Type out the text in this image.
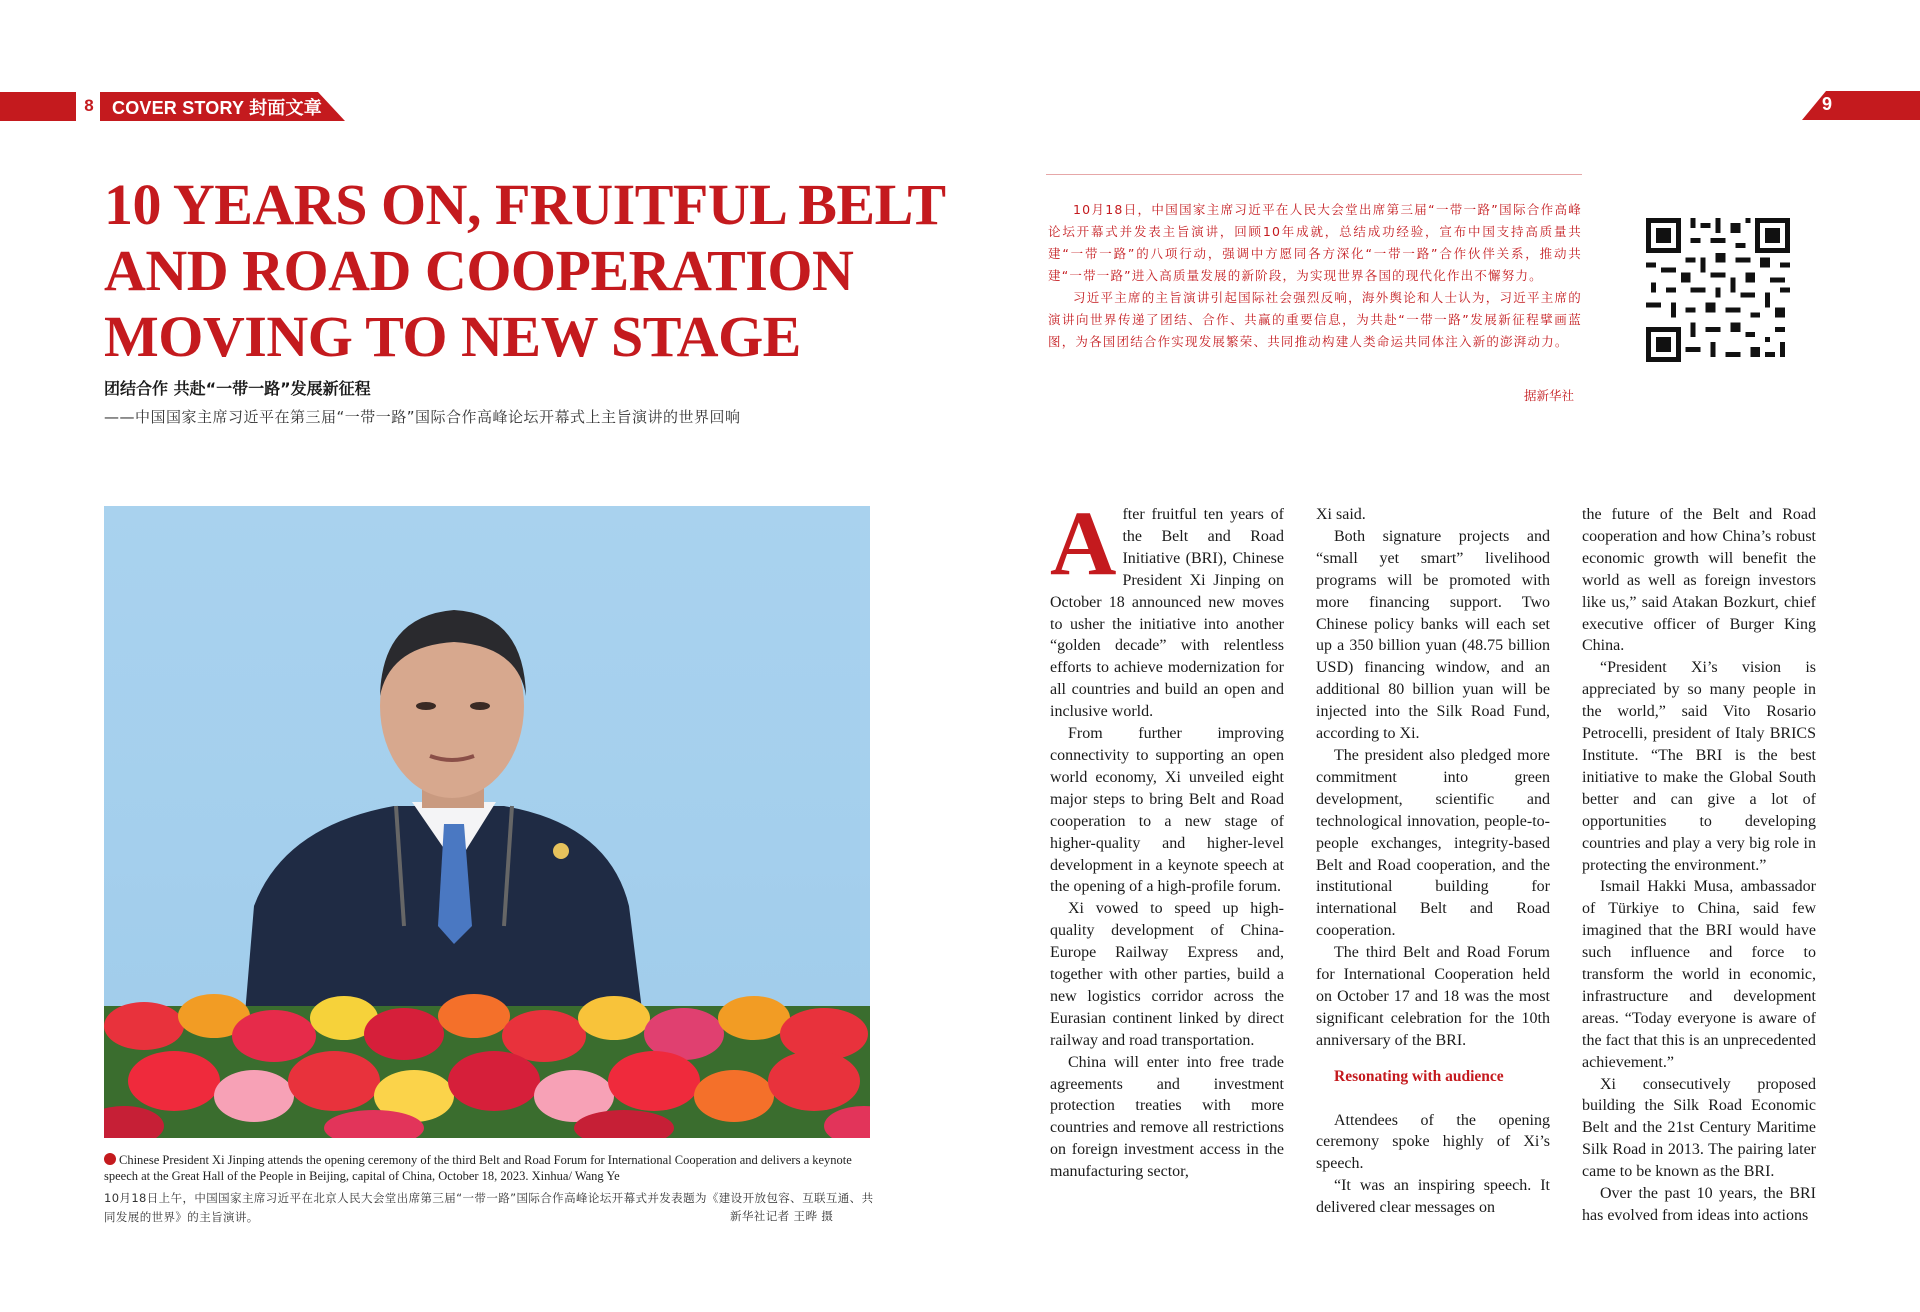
8 COVER STORY 封面文章	9
10 YEARS ON, FRUITFUL BELT
AND ROAD COOPERATION
MOVING TO NEW STAGE
团结合作 共赴“一带一路”发展新征程
——中国国家主席习近平在第三届“一带一路”国际合作高峰论坛开幕式上主旨演讲的世界回响
Chinese President Xi Jinping attends the opening ceremony of the third Belt and Road Forum for International Cooperation and delivers a keynote speech at the Great Hall of the People in Beijing, capital of China, October 18, 2023. Xinhua/ Wang Ye
10月18日上午，中国国家主席习近平在北京人民大会堂出席第三届“一带一路”国际合作高峰论坛开幕式并发表题为《建设开放包容、互联互通、共同发展的世界》的主旨演讲。	新华社记者 王晔 摄

10月18日，中国国家主席习近平在人民大会堂出席第三届“一带一路”国际合作高峰论坛开幕式并发表主旨演讲，回顾10年成就，总结成功经验，宣布中国支持高质量共建“一带一路”的八项行动，强调中方愿同各方深化“一带一路”合作伙伴关系，推动共建“一带一路”进入高质量发展的新阶段，为实现世界各国的现代化作出不懈努力。

习近平主席的主旨演讲引起国际社会强烈反响，海外舆论和人士认为，习近平主席的演讲向世界传递了团结、合作、共赢的重要信息，为共赴“一带一路”发展新征程擘画蓝图，为各国团结合作实现发展繁荣、共同推动构建人类命运共同体注入新的澎湃动力。

据新华社
A fter fruitful ten years of the Belt and Road Initiative (BRI), Chinese President Xi Jinping on October 18 announced new moves to usher the initiative into another “golden decade” with relentless efforts to achieve modernization for all countries and build an open and inclusive world.

From further improving connectivity to supporting an open world economy, Xi unveiled eight major steps to bring Belt and Road cooperation to a new stage of higher-quality and higher-level development in a keynote speech at the opening of a high-profile forum.

Xi vowed to speed up high-quality development of China-Europe Railway Express and, together with other parties, build a new logistics corridor across the Eurasian continent linked by direct railway and road transportation.

China will enter into free trade agreements and investment protection treaties with more countries and remove all restrictions on foreign investment access in the manufacturing sector,

Xi said.

Both signature projects and “small yet smart” livelihood programs will be promoted with more financing support. Two Chinese policy banks will each set up a 350 billion yuan (48.75 billion USD) financing window, and an additional 80 billion yuan will be injected into the Silk Road Fund, according to Xi.

The president also pledged more commitment into green development, scientific and technological innovation, people-to-people exchanges, integrity-based Belt and Road cooperation, and the institutional building for international Belt and Road cooperation.

The third Belt and Road Forum for International Cooperation held on October 17 and 18 was the most significant celebration for the 10th anniversary of the BRI.

Resonating with audience

Attendees of the opening ceremony spoke highly of Xi’s speech.

“It was an inspiring speech. It delivered clear messages on

the future of the Belt and Road cooperation and how China’s robust economic growth will benefit the world as well as foreign investors like us,” said Atakan Bozkurt, chief executive officer of Burger King China.

“President Xi’s vision is appreciated by so many people in the world,” said Vito Rosario Petrocelli, president of Italy BRICS Institute. “The BRI is the best initiative to make the Global South better and can give a lot of opportunities to developing countries and play a very big role in protecting the environment.”

Ismail Hakki Musa, ambassador of Türkiye to China, said few imagined that the BRI would have such influence and force to transform the world in economic, infrastructure and development areas. “Today everyone is aware of the fact that this is an unprecedented achievement.”

Xi consecutively proposed building the Silk Road Economic Belt and the 21st Century Maritime Silk Road in 2013. The pairing later came to be known as the BRI.

Over the past 10 years, the BRI has evolved from ideas into actions
